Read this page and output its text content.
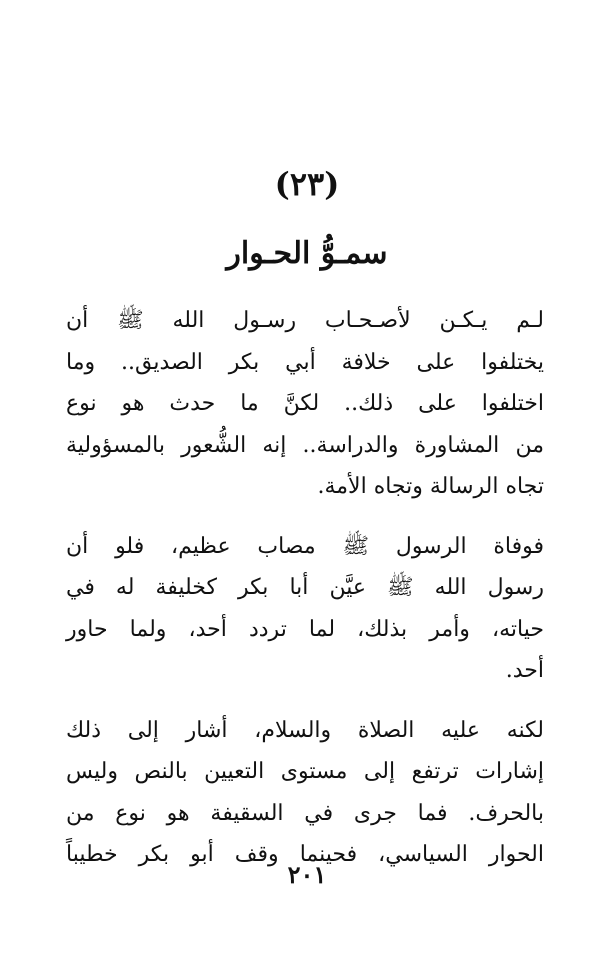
(٢٣)
سمـوُّ الحـوار

لـم يـكـن لأصـحـاب رسـول الله ﷺ أن
يختلفوا على خلافة أبي بكر الصديق.. وما
اختلفوا على ذلك.. لكنَّ ما حدث هو نوع
من المشاورة والدراسة.. إنه الشُّعور بالمسؤولية
تجاه الرسالة وتجاه الأمة.

فوفاة الرسول ﷺ مصاب عظيم، فلو أن
رسول الله ﷺ عيَّن أبا بكر كخليفة له في
حياته، وأمر بذلك، لما تردد أحد، ولما حاور
أحد.

لكنه عليه الصلاة والسلام، أشار إلى ذلك
إشارات ترتفع إلى مستوى التعيين بالنص وليس
بالحرف. فما جرى في السقيفة هو نوع من
الحوار السياسي، فحينما وقف أبو بكر خطيباً

٢٠١
